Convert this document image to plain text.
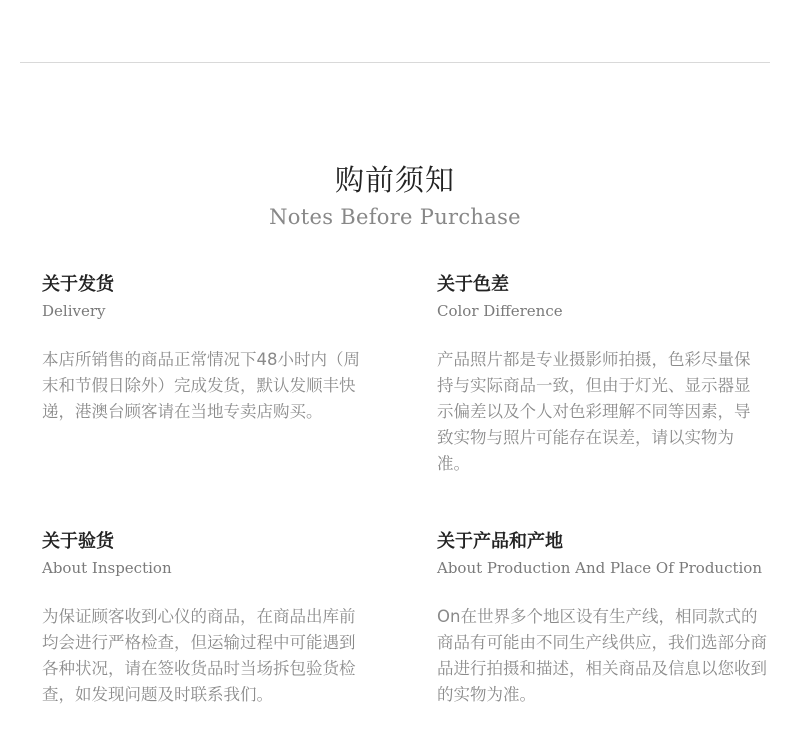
购前须知
Notes Before Purchase

关于发货

Delivery

本店所销售的商品正常情况下48小时内（周末和节假日除外）完成发货，默认发顺丰快递，港澳台顾客请在当地专卖店购买。

关于色差

Color Difference

产品照片都是专业摄影师拍摄，色彩尽量保持与实际商品一致，但由于灯光、显示器显示偏差以及个人对色彩理解不同等因素，导致实物与照片可能存在误差，请以实物为准。

关于验货

About Inspection

为保证顾客收到心仪的商品，在商品出库前均会进行严格检查，但运输过程中可能遇到各种状况，请在签收货品时当场拆包验货检查，如发现问题及时联系我们。

关于产品和产地

About Production And Place Of Production

On在世界多个地区设有生产线，相同款式的商品有可能由不同生产线供应，我们选部分商品进行拍摄和描述，相关商品及信息以您收到的实物为准。
